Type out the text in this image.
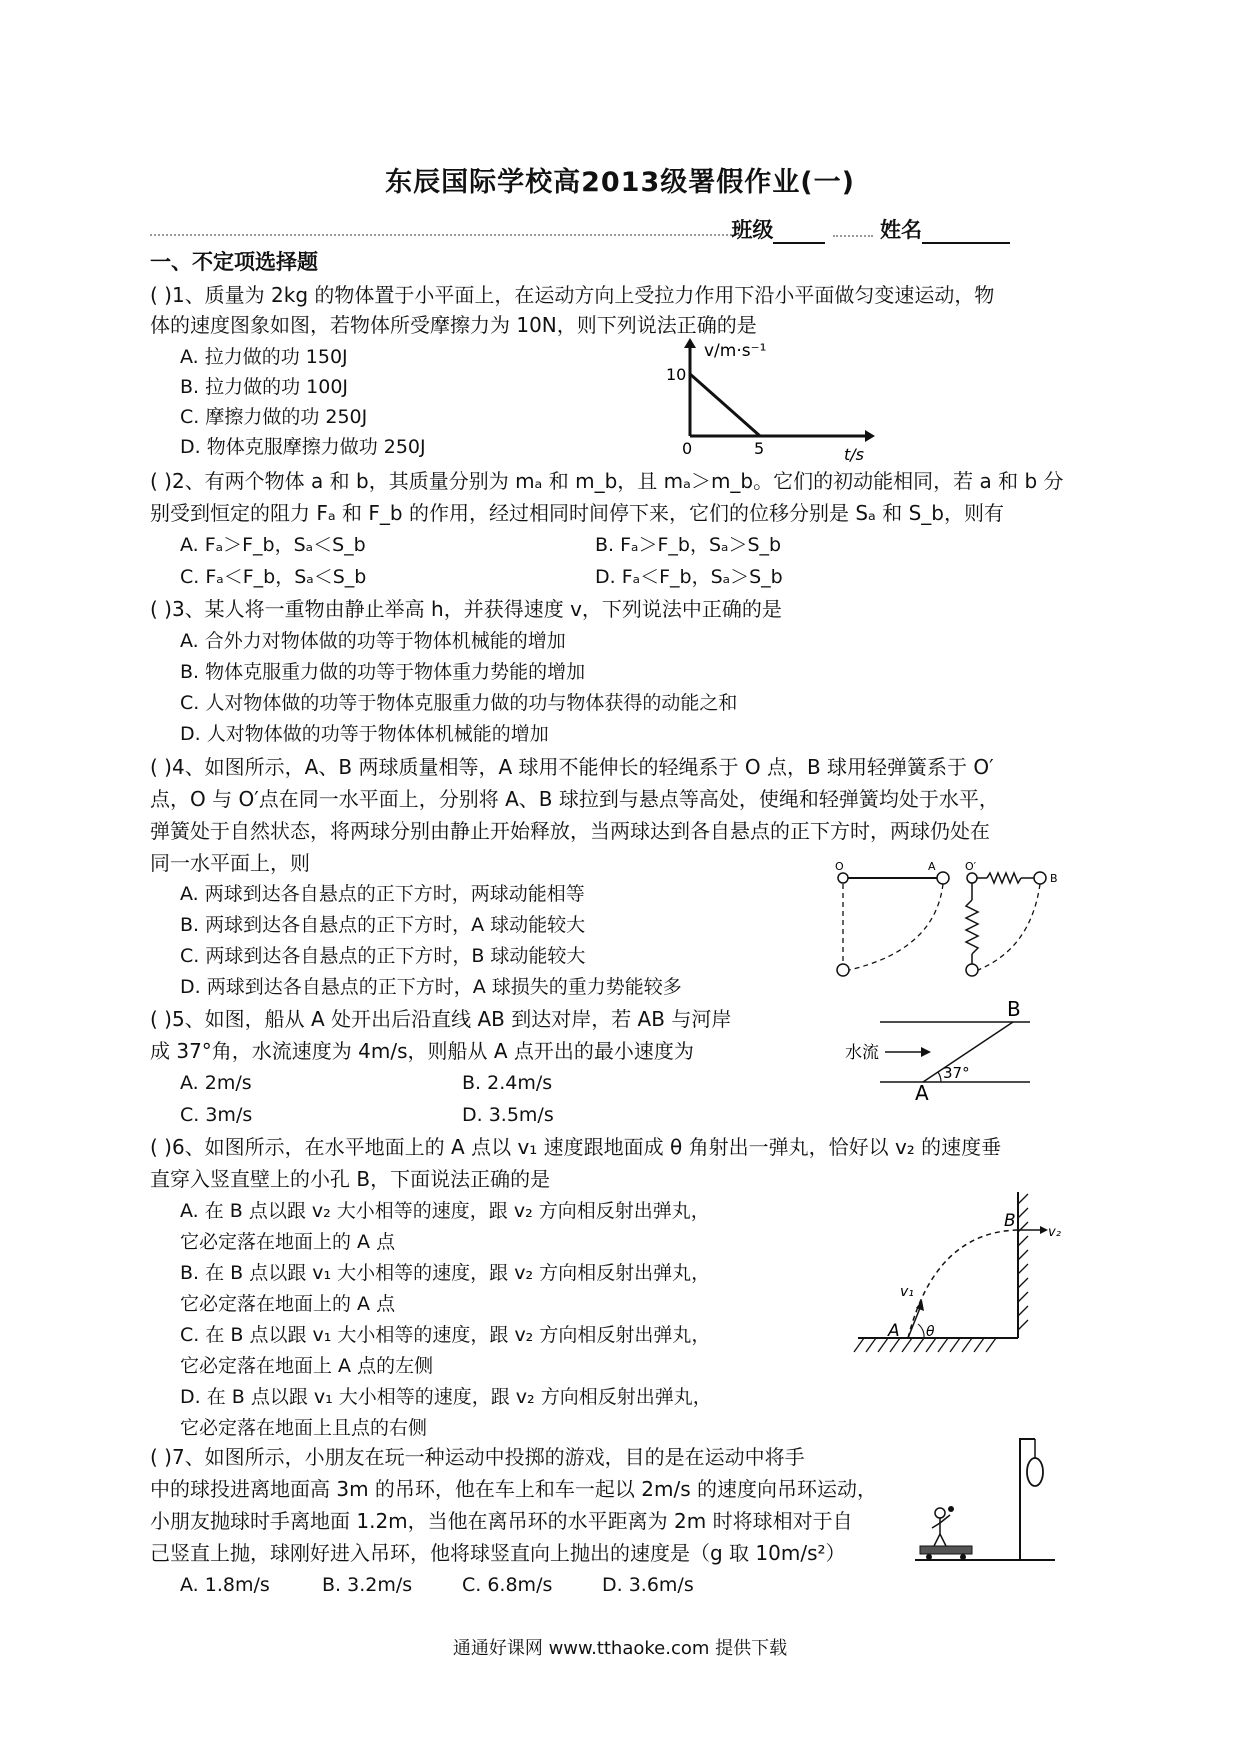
东辰国际学校高2013级署假作业(一)
班级	姓名
一、不定项选择题
( )1、质量为 2kg 的物体置于小平面上，在运动方向上受拉力作用下沿小平面做匀变速运动，物
体的速度图象如图，若物体所受摩擦力为 10N，则下列说法正确的是
A. 拉力做的功 150J
B. 拉力做的功 100J
C. 摩擦力做的功 250J
D. 物体克服摩擦力做功 250J
v/m·s⁻¹
10
5
0	t/s
( )2、有两个物体 a 和 b，其质量分别为 mₐ 和 m_b，且 mₐ＞m_b。它们的初动能相同，若 a 和 b 分
别受到恒定的阻力 Fₐ 和 F_b 的作用，经过相同时间停下来，它们的位移分别是 Sₐ 和 S_b，则有
A. Fₐ＞F_b，Sₐ＜S_b	B. Fₐ＞F_b，Sₐ＞S_b
C. Fₐ＜F_b，Sₐ＜S_b	D. Fₐ＜F_b，Sₐ＞S_b
( )3、某人将一重物由静止举高 h，并获得速度 v，下列说法中正确的是
A. 合外力对物体做的功等于物体机械能的增加
B. 物体克服重力做的功等于物体重力势能的增加
C. 人对物体做的功等于物体克服重力做的功与物体获得的动能之和
D. 人对物体做的功等于物体体机械能的增加
( )4、如图所示，A、B 两球质量相等，A 球用不能伸长的轻绳系于 O 点，B 球用轻弹簧系于 O′
点，O 与 O′点在同一水平面上，分别将 A、B 球拉到与悬点等高处，使绳和轻弹簧均处于水平，
弹簧处于自然状态，将两球分别由静止开始释放，当两球达到各自悬点的正下方时，两球仍处在
同一水平面上，则
A. 两球到达各自悬点的正下方时，两球动能相等
B. 两球到达各自悬点的正下方时，A 球动能较大
C. 两球到达各自悬点的正下方时，B 球动能较大
D. 两球到达各自悬点的正下方时，A 球损失的重力势能较多
O	A	O′
B
( )5、如图，船从 A 处开出后沿直线 AB 到达对岸，若 AB 与河岸
成 37°角，水流速度为 4m/s，则船从 A 点开出的最小速度为
A. 2m/s	B. 2.4m/s
C. 3m/s	D. 3.5m/s
B
A
水流
37°
( )6、如图所示，在水平地面上的 A 点以 v₁ 速度跟地面成 θ 角射出一弹丸，恰好以 v₂ 的速度垂
直穿入竖直壁上的小孔 B，下面说法正确的是
A. 在 B 点以跟 v₂ 大小相等的速度，跟 v₂ 方向相反射出弹丸，
它必定落在地面上的 A 点
B. 在 B 点以跟 v₁ 大小相等的速度，跟 v₂ 方向相反射出弹丸，
它必定落在地面上的 A 点
C. 在 B 点以跟 v₁ 大小相等的速度，跟 v₂ 方向相反射出弹丸，
它必定落在地面上 A 点的左侧
D. 在 B 点以跟 v₁ 大小相等的速度，跟 v₂ 方向相反射出弹丸，
它必定落在地面上且点的右侧
A θ
v₁
B
v₂
( )7、如图所示，小朋友在玩一种运动中投掷的游戏，目的是在运动中将手
中的球投进离地面高 3m 的吊环，他在车上和车一起以 2m/s 的速度向吊环运动，
小朋友抛球时手离地面 1.2m，当他在离吊环的水平距离为 2m 时将球相对于自
己竖直上抛，球刚好进入吊环，他将球竖直向上抛出的速度是（g 取 10m/s²）
A. 1.8m/s	B. 3.2m/s	C. 6.8m/s	D. 3.6m/s
通通好课网 www.tthaoke.com 提供下载
